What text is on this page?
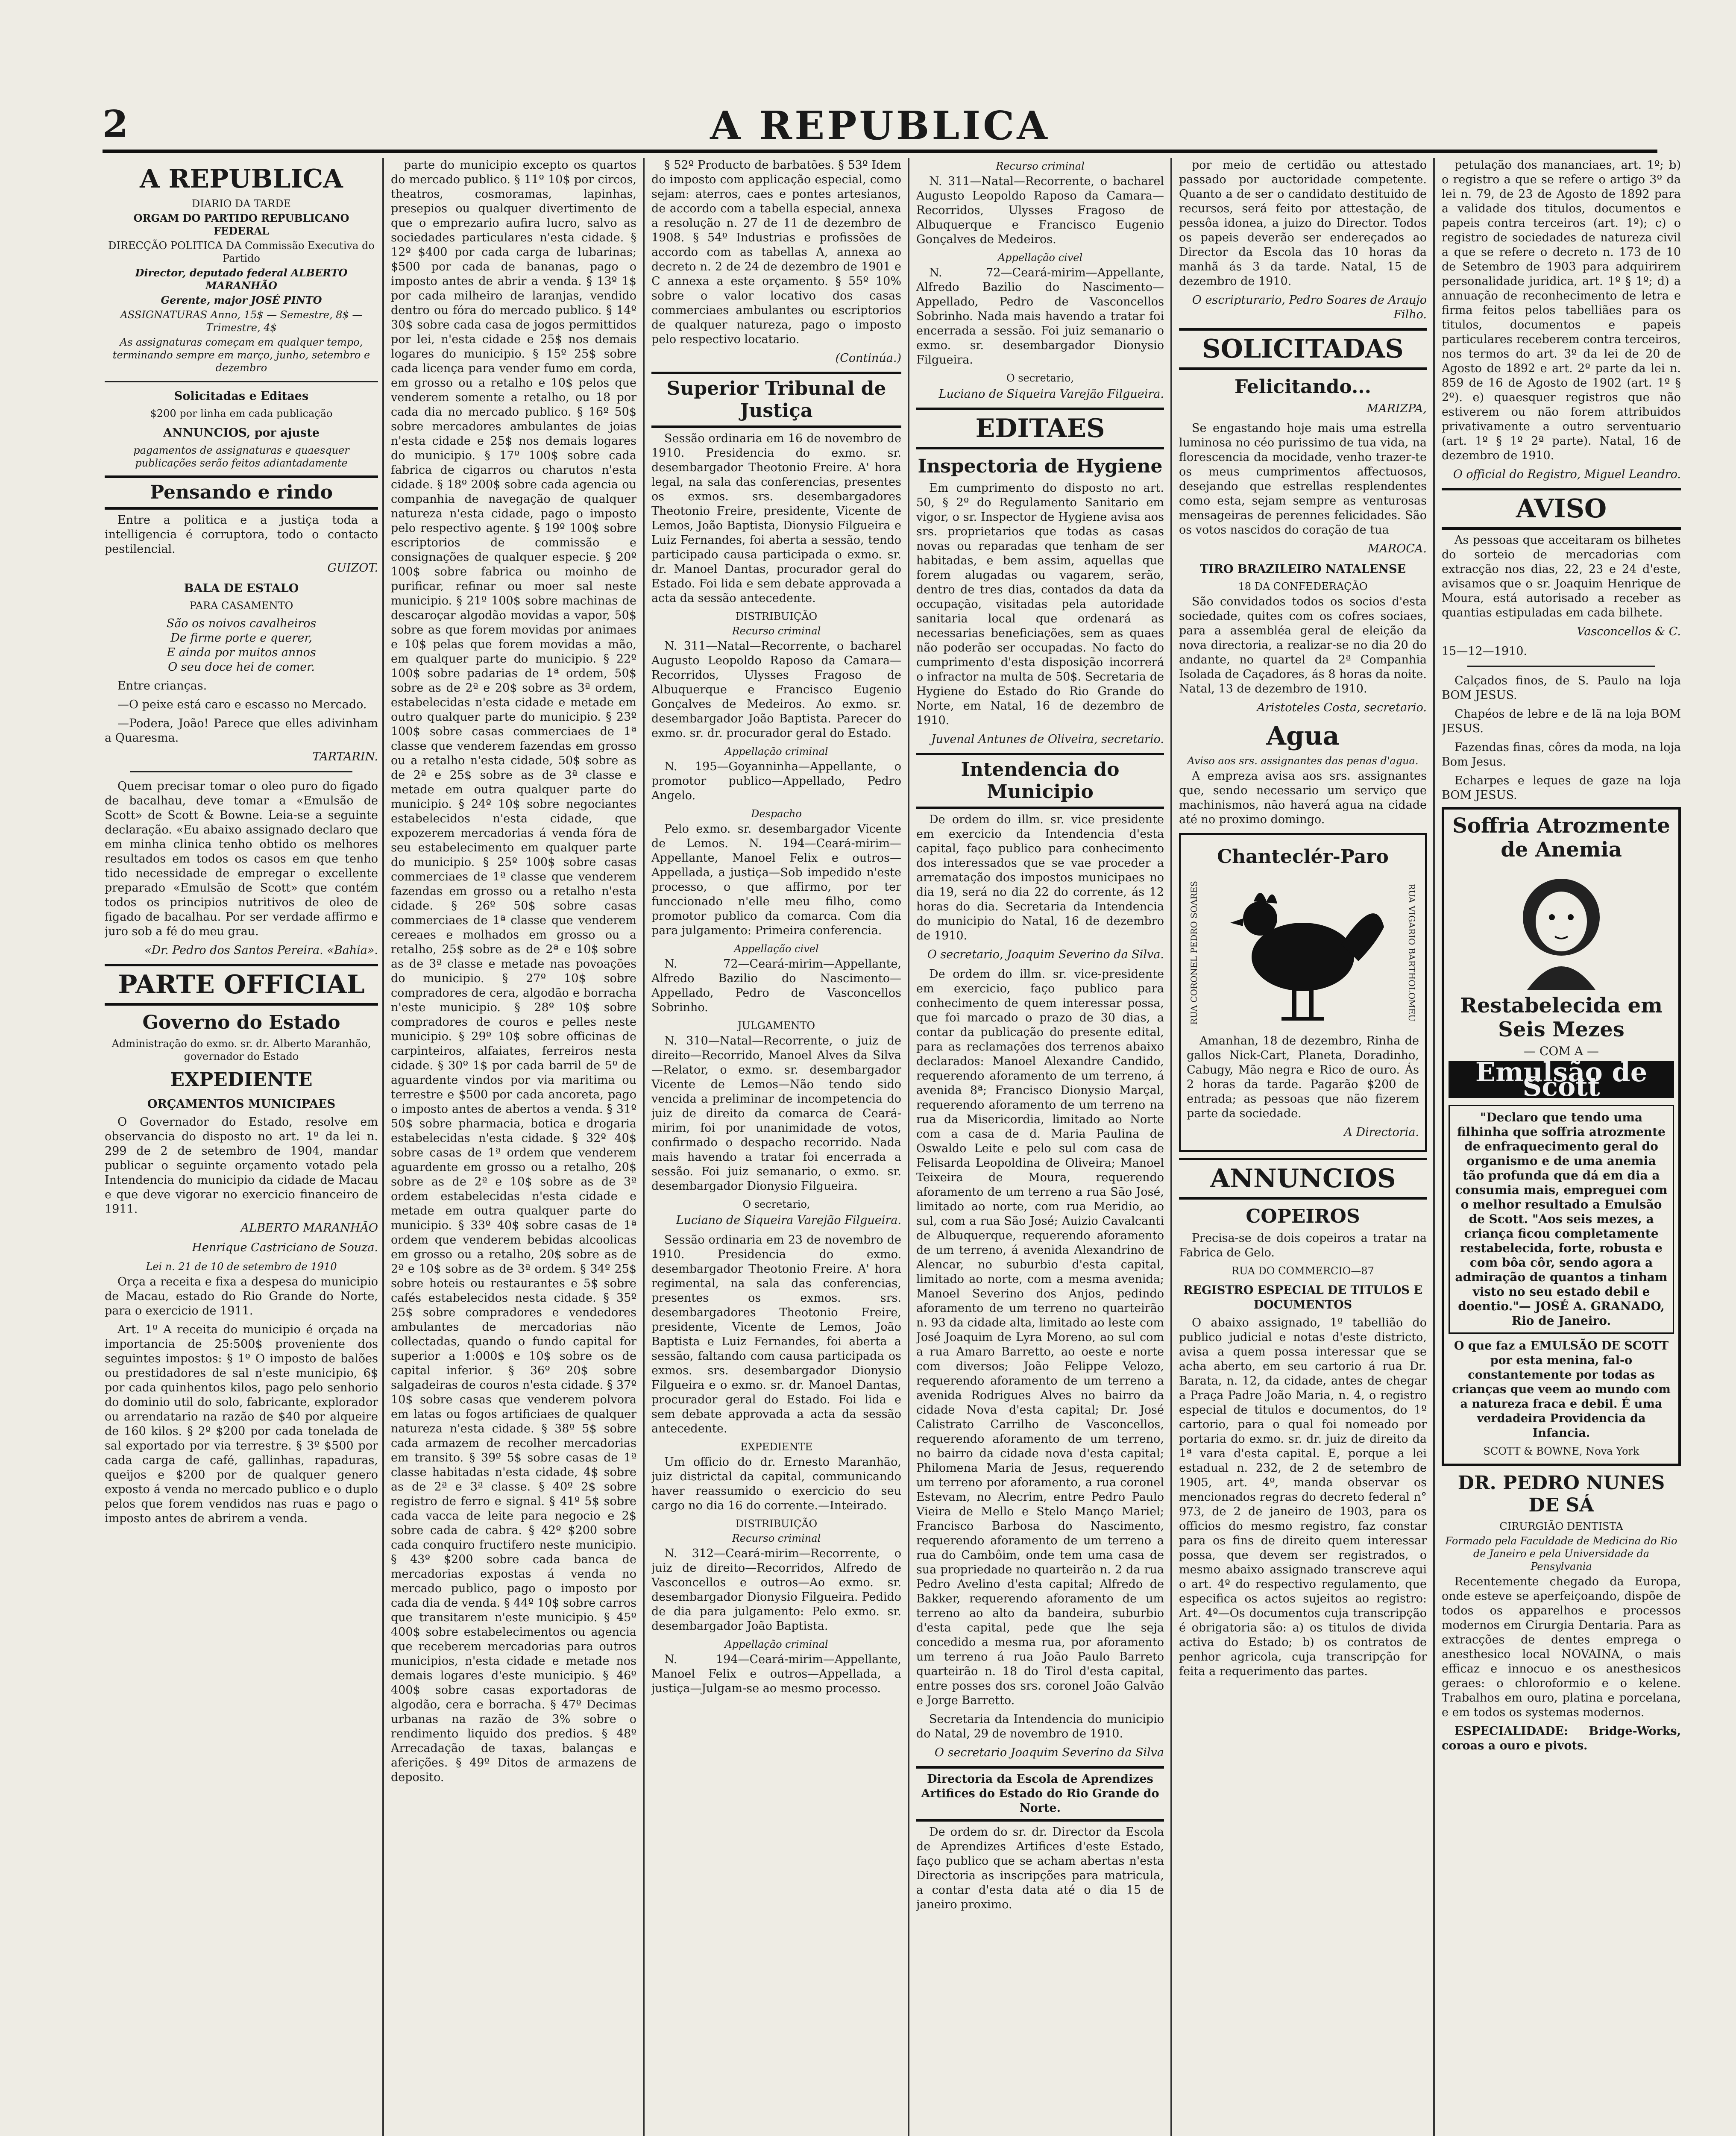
2	A REPUBLICA
A REPUBLICA
DIARIO DA TARDE
ORGAM DO PARTIDO REPUBLICANO FEDERAL
DIRECÇÃO POLITICA DA Commissão Executiva do Partido
Director, deputado federal ALBERTO MARANHÃO
Gerente, major JOSÉ PINTO
ASSIGNATURAS Anno, 15$ — Semestre, 8$ — Trimestre, 4$
As assignaturas começam em qualquer tempo, terminando sempre em março, junho, setembro e dezembro
Solicitadas e Editaes
$200 por linha em cada publicação
ANNUNCIOS, por ajuste
pagamentos de assignaturas e quaesquer publicações serão feitos adiantadamente
Pensando e rindo

Entre a politica e a justiça toda a intelligencia é corruptora, todo o contacto pestilencial.

GUIZOT.
BALA DE ESTALO
PARA CASAMENTO
São os noivos cavalheiros
De firme porte e querer,
E ainda por muitos annos
O seu doce hei de comer.

Entre crianças.

—O peixe está caro e escasso no Mercado.

—Podera, João! Parece que elles adivinham a Quaresma.

TARTARIN.

Quem precisar tomar o oleo puro do figado de bacalhau, deve tomar a «Emulsão de Scott» de Scott & Bowne. Leia-se a seguinte declaração. «Eu abaixo assignado declaro que em minha clinica tenho obtido os melhores resultados em todos os casos em que tenho tido necessidade de empregar o excellente preparado «Emulsão de Scott» que contém todos os principios nutritivos de oleo de figado de bacalhau. Por ser verdade affirmo e juro sob a fé do meu grau.

«Dr. Pedro dos Santos Pereira. «Bahia».
PARTE OFFICIAL
Governo do Estado
Administração do exmo. sr. dr. Alberto Maranhão, governador do Estado
EXPEDIENTE
ORÇAMENTOS MUNICIPAES

O Governador do Estado, resolve em observancia do disposto no art. 1º da lei n. 299 de 2 de setembro de 1904, mandar publicar o seguinte orçamento votado pela Intendencia do municipio da cidade de Macau e que deve vigorar no exercicio financeiro de 1911.

ALBERTO MARANHÃO
Henrique Castriciano de Souza.
Lei n. 21 de 10 de setembro de 1910

Orça a receita e fixa a despesa do municipio de Macau, estado do Rio Grande do Norte, para o exercicio de 1911.

Art. 1º A receita do municipio é orçada na importancia de 25:500$ proveniente dos seguintes impostos: § 1º O imposto de balões ou prestidadores de sal n'este municipio, 6$ por cada quinhentos kilos, pago pelo senhorio do dominio util do solo, fabricante, explorador ou arrendatario na razão de $40 por alqueire de 160 kilos. § 2º $200 por cada tonelada de sal exportado por via terrestre. § 3º $500 por cada carga de café, gallinhas, rapaduras, queijos e $200 por de qualquer genero exposto á venda no mercado publico e o duplo pelos que forem vendidos nas ruas e pago o imposto antes de abrirem a venda.

parte do municipio excepto os quartos do mercado publico. § 11º 10$ por circos, theatros, cosmoramas, lapinhas, presepios ou qualquer divertimento de que o emprezario aufira lucro, salvo as sociedades particulares n'esta cidade. § 12º $400 por cada carga de lubarinas; $500 por cada de bananas, pago o imposto antes de abrir a venda. § 13º 1$ por cada milheiro de laranjas, vendido dentro ou fóra do mercado publico. § 14º 30$ sobre cada casa de jogos permittidos por lei, n'esta cidade e 25$ nos demais logares do municipio. § 15º 25$ sobre cada licença para vender fumo em corda, em grosso ou a retalho e 10$ pelos que venderem somente a retalho, ou 18 por cada dia no mercado publico. § 16º 50$ sobre mercadores ambulantes de joias n'esta cidade e 25$ nos demais logares do municipio. § 17º 100$ sobre cada fabrica de cigarros ou charutos n'esta cidade. § 18º 200$ sobre cada agencia ou companhia de navegação de qualquer natureza n'esta cidade, pago o imposto pelo respectivo agente. § 19º 100$ sobre escriptorios de commissão e consignações de qualquer especie. § 20º 100$ sobre fabrica ou moinho de purificar, refinar ou moer sal neste municipio. § 21º 100$ sobre machinas de descaroçar algodão movidas a vapor, 50$ sobre as que forem movidas por animaes e 10$ pelas que forem movidas a mão, em qualquer parte do municipio. § 22º 100$ sobre padarias de 1ª ordem, 50$ sobre as de 2ª e 20$ sobre as 3ª ordem, estabelecidas n'esta cidade e metade em outro qualquer parte do municipio. § 23º 100$ sobre casas commerciaes de 1ª classe que venderem fazendas em grosso ou a retalho n'esta cidade, 50$ sobre as de 2ª e 25$ sobre as de 3ª classe e metade em outra qualquer parte do municipio. § 24º 10$ sobre negociantes estabelecidos n'esta cidade, que expozerem mercadorias á venda fóra de seu estabelecimento em qualquer parte do municipio. § 25º 100$ sobre casas commerciaes de 1ª classe que venderem fazendas em grosso ou a retalho n'esta cidade. § 26º 50$ sobre casas commerciaes de 1ª classe que venderem cereaes e molhados em grosso ou a retalho, 25$ sobre as de 2ª e 10$ sobre as de 3ª classe e metade nas povoações do municipio. § 27º 10$ sobre compradores de cera, algodão e borracha n'este municipio. § 28º 10$ sobre compradores de couros e pelles neste municipio. § 29º 10$ sobre officinas de carpinteiros, alfaiates, ferreiros nesta cidade. § 30º 1$ por cada barril de 5º de aguardente vindos por via maritima ou terrestre e $500 por cada ancoreta, pago o imposto antes de abertos a venda. § 31º 50$ sobre pharmacia, botica e drogaria estabelecidas n'esta cidade. § 32º 40$ sobre casas de 1ª ordem que venderem aguardente em grosso ou a retalho, 20$ sobre as de 2ª e 10$ sobre as de 3ª ordem estabelecidas n'esta cidade e metade em outra qualquer parte do municipio. § 33º 40$ sobre casas de 1ª ordem que venderem bebidas alcoolicas em grosso ou a retalho, 20$ sobre as de 2ª e 10$ sobre as de 3ª ordem. § 34º 25$ sobre hoteis ou restaurantes e 5$ sobre cafés estabelecidos nesta cidade. § 35º 25$ sobre compradores e vendedores ambulantes de mercadorias não collectadas, quando o fundo capital for superior a 1:000$ e 10$ sobre os de capital inferior. § 36º 20$ sobre salgadeiras de couros n'esta cidade. § 37º 10$ sobre casas que venderem polvora em latas ou fogos artificiaes de qualquer natureza n'esta cidade. § 38º 5$ sobre cada armazem de recolher mercadorias em transito. § 39º 5$ sobre casas de 1ª classe habitadas n'esta cidade, 4$ sobre as de 2ª e 3ª classe. § 40º 2$ sobre registro de ferro e signal. § 41º 5$ sobre cada vacca de leite para negocio e 2$ sobre cada de cabra. § 42º $200 sobre cada conquiro fructifero neste municipio. § 43º $200 sobre cada banca de mercadorias expostas á venda no mercado publico, pago o imposto por cada dia de venda. § 44º 10$ sobre carros que transitarem n'este municipio. § 45º 400$ sobre estabelecimentos ou agencia que receberem mercadorias para outros municipios, n'esta cidade e metade nos demais logares d'este municipio. § 46º 400$ sobre casas exportadoras de algodão, cera e borracha. § 47º Decimas urbanas na razão de 3% sobre o rendimento liquido dos predios. § 48º Arrecadação de taxas, balanças e aferições. § 49º Ditos de armazens de deposito.

§ 52º Producto de barbatões. § 53º Idem do imposto com applicação especial, como sejam: aterros, caes e pontes artesianos, de accordo com a tabella especial, annexa a resolução n. 27 de 11 de dezembro de 1908. § 54º Industrias e profissões de accordo com as tabellas A, annexa ao decreto n. 2 de 24 de dezembro de 1901 e C annexa a este orçamento. § 55º 10% sobre o valor locativo dos casas commerciaes ambulantes ou escriptorios de qualquer natureza, pago o imposto pelo respectivo locatario.

(Continúa.)
Superior Tribunal de Justiça

Sessão ordinaria em 16 de novembro de 1910. Presidencia do exmo. sr. desembargador Theotonio Freire. A' hora legal, na sala das conferencias, presentes os exmos. srs. desembargadores Theotonio Freire, presidente, Vicente de Lemos, João Baptista, Dionysio Filgueira e Luiz Fernandes, foi aberta a sessão, tendo participado causa participada o exmo. sr. dr. Manoel Dantas, procurador geral do Estado. Foi lida e sem debate approvada a acta da sessão antecedente.

DISTRIBUIÇÃO
Recurso criminal

N. 311—Natal—Recorrente, o bacharel Augusto Leopoldo Raposo da Camara—Recorridos, Ulysses Fragoso de Albuquerque e Francisco Eugenio Gonçalves de Medeiros. Ao exmo. sr. desembargador João Baptista. Parecer do exmo. sr. dr. procurador geral do Estado.

Appellação criminal

N. 195—Goyanninha—Appellante, o promotor publico—Appellado, Pedro Angelo.

Despacho

Pelo exmo. sr. desembargador Vicente de Lemos. N. 194—Ceará-mirim—Appellante, Manoel Felix e outros—Appellada, a justiça—Sob impedido n'este processo, o que affirmo, por ter funccionado n'elle meu filho, como promotor publico da comarca. Com dia para julgamento: Primeira conferencia.

Appellação civel

N. 72—Ceará-mirim—Appellante, Alfredo Bazilio do Nascimento—Appellado, Pedro de Vasconcellos Sobrinho.

JULGAMENTO

N. 310—Natal—Recorrente, o juiz de direito—Recorrido, Manoel Alves da Silva—Relator, o exmo. sr. desembargador Vicente de Lemos—Não tendo sido vencida a preliminar de incompetencia do juiz de direito da comarca de Ceará-mirim, foi por unanimidade de votos, confirmado o despacho recorrido. Nada mais havendo a tratar foi encerrada a sessão. Foi juiz semanario, o exmo. sr. desembargador Dionysio Filgueira.

O secretario,
Luciano de Siqueira Varejão Filgueira.

Sessão ordinaria em 23 de novembro de 1910. Presidencia do exmo. desembargador Theotonio Freire. A' hora regimental, na sala das conferencias, presentes os exmos. srs. desembargadores Theotonio Freire, presidente, Vicente de Lemos, João Baptista e Luiz Fernandes, foi aberta a sessão, faltando com causa participada os exmos. srs. desembargador Dionysio Filgueira e o exmo. sr. dr. Manoel Dantas, procurador geral do Estado. Foi lida e sem debate approvada a acta da sessão antecedente.

EXPEDIENTE

Um officio do dr. Ernesto Maranhão, juiz districtal da capital, communicando haver reassumido o exercicio do seu cargo no dia 16 do corrente.—Inteirado.

DISTRIBUIÇÃO
Recurso criminal

N. 312—Ceará-mirim—Recorrente, o juiz de direito—Recorridos, Alfredo de Vasconcellos e outros—Ao exmo. sr. desembargador Dionysio Filgueira. Pedido de dia para julgamento: Pelo exmo. sr. desembargador João Baptista.

Appellação criminal

N. 194—Ceará-mirim—Appellante, Manoel Felix e outros—Appellada, a justiça—Julgam-se ao mesmo processo.

Recurso criminal

N. 311—Natal—Recorrente, o bacharel Augusto Leopoldo Raposo da Camara—Recorridos, Ulysses Fragoso de Albuquerque e Francisco Eugenio Gonçalves de Medeiros.

Appellação civel

N. 72—Ceará-mirim—Appellante, Alfredo Bazilio do Nascimento—Appellado, Pedro de Vasconcellos Sobrinho. Nada mais havendo a tratar foi encerrada a sessão. Foi juiz semanario o exmo. sr. desembargador Dionysio Filgueira.

O secretario,
Luciano de Siqueira Varejão Filgueira.
EDITAES
Inspectoria de Hygiene

Em cumprimento do disposto no art. 50, § 2º do Regulamento Sanitario em vigor, o sr. Inspector de Hygiene avisa aos srs. proprietarios que todas as casas novas ou reparadas que tenham de ser habitadas, e bem assim, aquellas que forem alugadas ou vagarem, serão, dentro de tres dias, contados da data da occupação, visitadas pela autoridade sanitaria local que ordenará as necessarias beneficiações, sem as quaes não poderão ser occupadas. No facto do cumprimento d'esta disposição incorrerá o infractor na multa de 50$. Secretaria de Hygiene do Estado do Rio Grande do Norte, em Natal, 16 de dezembro de 1910.

Juvenal Antunes de Oliveira, secretario.
Intendencia do Municipio

De ordem do illm. sr. vice presidente em exercicio da Intendencia d'esta capital, faço publico para conhecimento dos interessados que se vae proceder a arrematação dos impostos municipaes no dia 19, será no dia 22 do corrente, ás 12 horas do dia. Secretaria da Intendencia do municipio do Natal, 16 de dezembro de 1910.

O secretario, Joaquim Severino da Silva.

De ordem do illm. sr. vice-presidente em exercicio, faço publico para conhecimento de quem interessar possa, que foi marcado o prazo de 30 dias, a contar da publicação do presente edital, para as reclamações dos terrenos abaixo declarados: Manoel Alexandre Candido, requerendo aforamento de um terreno, á avenida 8ª; Francisco Dionysio Marçal, requerendo aforamento de um terreno na rua da Misericordia, limitado ao Norte com a casa de d. Maria Paulina de Oswaldo Leite e pelo sul com casa de Felisarda Leopoldina de Oliveira; Manoel Teixeira de Moura, requerendo aforamento de um terreno a rua São José, limitado ao norte, com rua Meridio, ao sul, com a rua São José; Auizio Cavalcanti de Albuquerque, requerendo aforamento de um terreno, á avenida Alexandrino de Alencar, no suburbio d'esta capital, limitado ao norte, com a mesma avenida; Manoel Severino dos Anjos, pedindo aforamento de um terreno no quarteirão n. 93 da cidade alta, limitado ao leste com José Joaquim de Lyra Moreno, ao sul com a rua Amaro Barretto, ao oeste e norte com diversos; João Felippe Velozo, requerendo aforamento de um terreno a avenida Rodrigues Alves no bairro da cidade Nova d'esta capital; Dr. José Calistrato Carrilho de Vasconcellos, requerendo aforamento de um terreno, no bairro da cidade nova d'esta capital; Philomena Maria de Jesus, requerendo um terreno por aforamento, a rua coronel Estevam, no Alecrim, entre Pedro Paulo Vieira de Mello e Stelo Manço Mariel; Francisco Barbosa do Nascimento, requerendo aforamento de um terreno a rua do Cambôim, onde tem uma casa de sua propriedade no quarteirão n. 2 da rua Pedro Avelino d'esta capital; Alfredo de Bakker, requerendo aforamento de um terreno ao alto da bandeira, suburbio d'esta capital, pede que lhe seja concedido a mesma rua, por aforamento um terreno á rua João Paulo Barreto quarteirão n. 18 do Tirol d'esta capital, entre posses dos srs. coronel João Galvão e Jorge Barretto.

Secretaria da Intendencia do municipio do Natal, 29 de novembro de 1910.

O secretario Joaquim Severino da Silva
Directoria da Escola de Aprendizes Artifices do Estado do Rio Grande do Norte.

De ordem do sr. dr. Director da Escola de Aprendizes Artifices d'este Estado, faço publico que se acham abertas n'esta Directoria as inscripções para matricula, a contar d'esta data até o dia 15 de janeiro proximo.

por meio de certidão ou attestado passado por auctoridade competente. Quanto a de ser o candidato destituido de recursos, será feito por attestação, de pessôa idonea, a juizo do Director. Todos os papeis deverão ser endereçados ao Director da Escola das 10 horas da manhã ás 3 da tarde. Natal, 15 de dezembro de 1910.

O escripturario, Pedro Soares de Araujo Filho.
SOLICITADAS
Felicitando...
MARIZPA,

Se engastando hoje mais uma estrella luminosa no céo purissimo de tua vida, na florescencia da mocidade, venho trazer-te os meus cumprimentos affectuosos, desejando que estrellas resplendentes como esta, sejam sempre as venturosas mensageiras de perennes felicidades. São os votos nascidos do coração de tua

MAROCA.
TIRO BRAZILEIRO NATALENSE
18 DA CONFEDERAÇÃO

São convidados todos os socios d'esta sociedade, quites com os cofres sociaes, para a assembléa geral de eleição da nova directoria, a realizar-se no dia 20 do andante, no quartel da 2ª Companhia Isolada de Caçadores, ás 8 horas da noite. Natal, 13 de dezembro de 1910.

Aristoteles Costa, secretario.
Agua
Aviso aos srs. assignantes das penas d'agua.

A empreza avisa aos srs. assignantes que, sendo necessario um serviço que machinismos, não haverá agua na cidade até no proximo domingo.

Chanteclér-Paro
RUA CORONEL PEDRO SOARES	RUA VIGARIO BARTHOLOMEU

Amanhan, 18 de dezembro, Rinha de gallos Nick-Cart, Planeta, Doradinho, Cabugy, Mão negra e Rico de ouro. Ás 2 horas da tarde. Pagarão $200 de entrada; as pessoas que não fizerem parte da sociedade.

A Directoria.
ANNUNCIOS
COPEIROS

Precisa-se de dois copeiros a tratar na Fabrica de Gelo.

RUA DO COMMERCIO—87
REGISTRO ESPECIAL DE TITULOS E DOCUMENTOS

O abaixo assignado, 1º tabellião do publico judicial e notas d'este districto, avisa a quem possa interessar que se acha aberto, em seu cartorio á rua Dr. Barata, n. 12, da cidade, antes de chegar a Praça Padre João Maria, n. 4, o registro especial de titulos e documentos, do 1º cartorio, para o qual foi nomeado por portaria do exmo. sr. dr. juiz de direito da 1ª vara d'esta capital. E, porque a lei estadual n. 232, de 2 de setembro de 1905, art. 4º, manda observar os mencionados regras do decreto federal n° 973, de 2 de janeiro de 1903, para os officios do mesmo registro, faz constar para os fins de direito quem interessar possa, que devem ser registrados, o mesmo abaixo assignado transcreve aqui o art. 4º do respectivo regulamento, que especifica os actos sujeitos ao registro: Art. 4º—Os documentos cuja transcripção é obrigatoria são: a) os titulos de divida activa do Estado; b) os contratos de penhor agricola, cuja transcripção for feita a requerimento das partes.

petulação dos mananciaes, art. 1º; b) o registro a que se refere o artigo 3º da lei n. 79, de 23 de Agosto de 1892 para a validade dos titulos, documentos e papeis contra terceiros (art. 1º); c) o registro de sociedades de natureza civil a que se refere o decreto n. 173 de 10 de Setembro de 1903 para adquirirem personalidade juridica, art. 1º § 1º; d) a annuação de reconhecimento de letra e firma feitos pelos tabelliães para os titulos, documentos e papeis particulares receberem contra terceiros, nos termos do art. 3º da lei de 20 de Agosto de 1892 e art. 2º parte da lei n. 859 de 16 de Agosto de 1902 (art. 1º § 2º). e) quaesquer registros que não estiverem ou não forem attribuidos privativamente a outro serventuario (art. 1º § 1º 2ª parte). Natal, 16 de dezembro de 1910.

O official do Registro, Miguel Leandro.
AVISO

As pessoas que acceitaram os bilhetes do sorteio de mercadorias com extracção nos dias, 22, 23 e 24 d'este, avisamos que o sr. Joaquim Henrique de Moura, está autorisado a receber as quantias estipuladas em cada bilhete.

Vasconcellos & C.
15—12—1910.

Calçados finos, de S. Paulo na loja BOM JESUS.

Chapéos de lebre e de lã na loja BOM JESUS.

Fazendas finas, côres da moda, na loja Bom Jesus.

Echarpes e leques de gaze na loja BOM JESUS.

Soffria Atrozmente de Anemia
Restabelecida em Seis Mezes
— COM A —
Emulsão de Scott
"Declaro que tendo uma filhinha que soffria atrozmente de enfraquecimento geral do organismo e de uma anemia tão profunda que dá em dia a consumia mais, empreguei com o melhor resultado a Emulsão de Scott. "Aos seis mezes, a criança ficou completamente restabelecida, forte, robusta e com bôa côr, sendo agora a admiração de quantos a tinham visto no seu estado debil e doentio."— JOSÉ A. GRANADO, Rio de Janeiro.

O que faz a EMULSÃO DE SCOTT por esta menina, fal-o constantemente por todas as crianças que veem ao mundo com a natureza fraca e debil. É uma verdadeira Providencia da Infancia.

SCOTT & BOWNE, Nova York
DR. PEDRO NUNES DE SÁ
CIRURGIÃO DENTISTA
Formado pela Faculdade de Medicina do Rio de Janeiro e pela Universidade da Pensylvania

Recentemente chegado da Europa, onde esteve se aperfeiçoando, dispõe de todos os apparelhos e processos modernos em Cirurgia Dentaria. Para as extracções de dentes emprega o anesthesico local NOVAINA, o mais efficaz e innocuo e os anesthesicos geraes: o chloroformio e o kelene. Trabalhos em ouro, platina e porcelana, e em todos os systemas modernos.

ESPECIALIDADE: Bridge-Works, coroas a ouro e pivots.
